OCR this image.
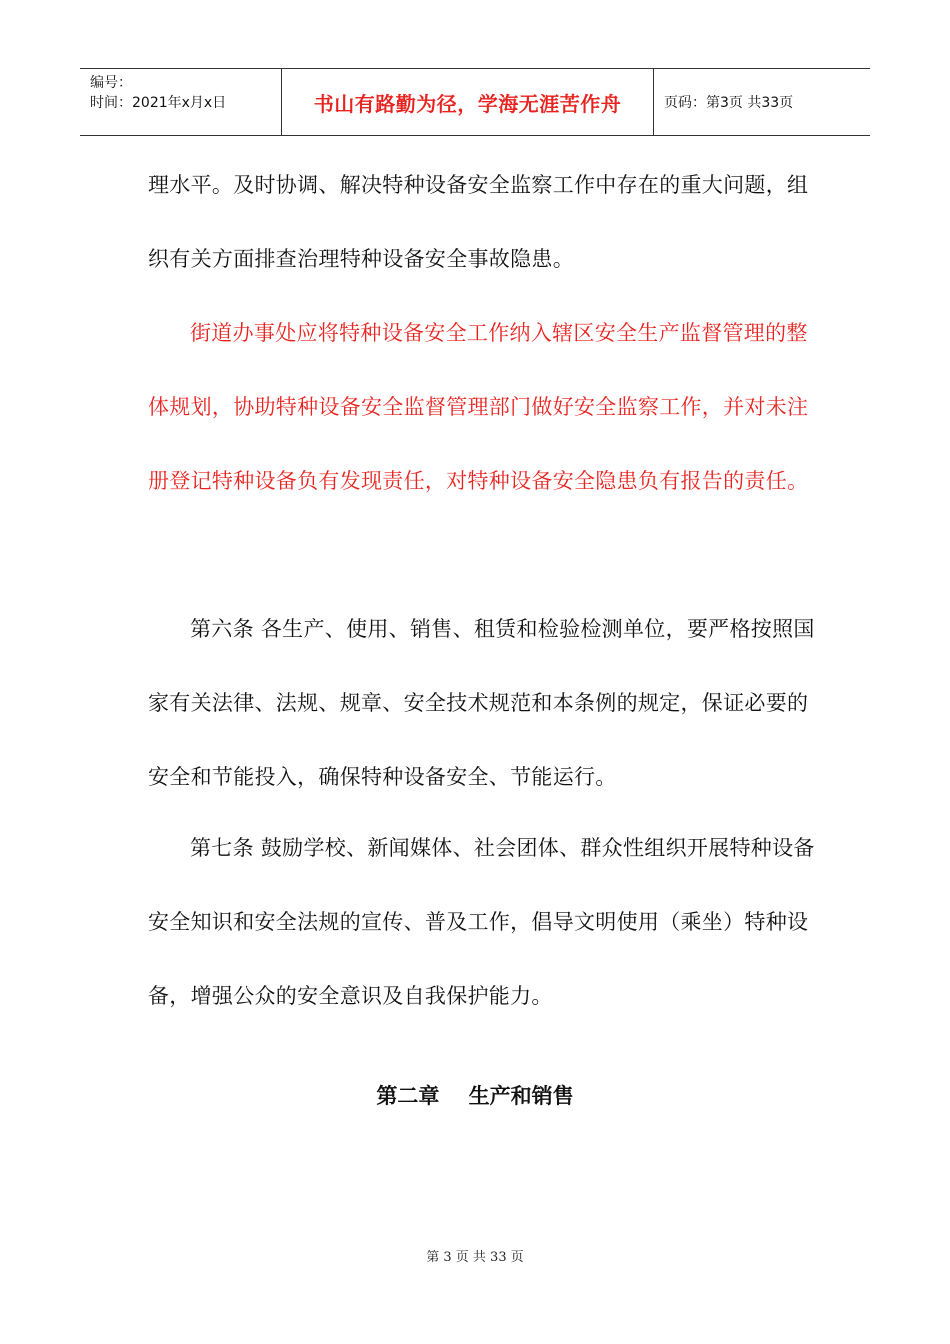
编号：
时间：2021年x月x日	书山有路勤为径，学海无涯苦作舟	页码：第3页 共33页

理水平。及时协调、解决特种设备安全监察工作中存在的重大问题，组织有关方面排查治理特种设备安全事故隐患。

街道办事处应将特种设备安全工作纳入辖区安全生产监督管理的整体规划，协助特种设备安全监督管理部门做好安全监察工作，并对未注册登记特种设备负有发现责任，对特种设备安全隐患负有报告的责任。

第六条 各生产、使用、销售、租赁和检验检测单位，要严格按照国家有关法律、法规、规章、安全技术规范和本条例的规定，保证必要的安全和节能投入，确保特种设备安全、节能运行。

第七条 鼓励学校、新闻媒体、社会团体、群众性组织开展特种设备安全知识和安全法规的宣传、普及工作，倡导文明使用（乘坐）特种设备，增强公众的安全意识及自我保护能力。

第二章    生产和销售
第 3 页 共 33 页
